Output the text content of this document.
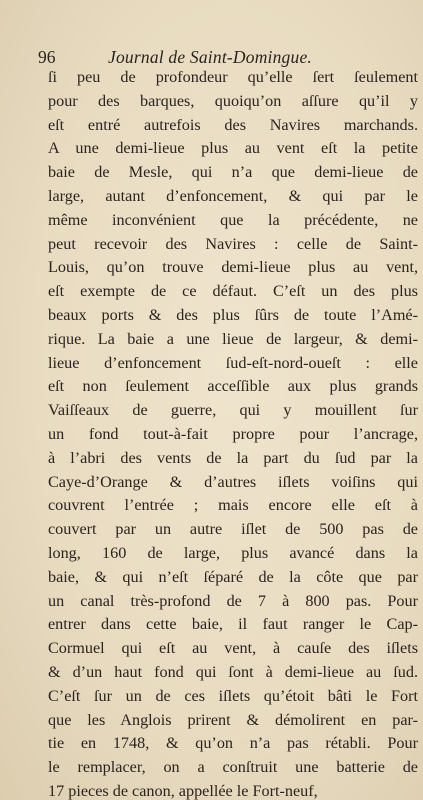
96	Journal de Saint-Domingue.
ſi peu de profondeur qu’elle ſert ſeulement
pour des barques, quoiqu’on aſſure qu’il y
eſt entré autrefois des Navires marchands.
A une demi-lieue plus au vent eſt la petite
baie de Mesle, qui n’a que demi-lieue de
large, autant d’enfoncement, & qui par le
même inconvénient que la précédente, ne
peut recevoir des Navires : celle de Saint-
Louis, qu’on trouve demi-lieue plus au vent,
eſt exempte de ce défaut. C’eſt un des plus
beaux ports & des plus ſûrs de toute l’Amé-
rique. La baie a une lieue de largeur, & demi-
lieue d’enfoncement ſud-eſt-nord-oueſt : elle
eſt non ſeulement acceſſible aux plus grands
Vaiſſeaux de guerre, qui y mouillent ſur
un fond tout-à-fait propre pour l’ancrage,
à l’abri des vents de la part du ſud par la
Caye-d’Orange & d’autres iſlets voiſins qui
couvrent l’entrée ; mais encore elle eſt à
couvert par un autre iſlet de 500 pas de
long, 160 de large, plus avancé dans la
baie, & qui n’eſt ſéparé de la côte que par
un canal très-profond de 7 à 800 pas. Pour
entrer dans cette baie, il faut ranger le Cap-
Cormuel qui eſt au vent, à cauſe des iſlets
& d’un haut fond qui ſont à demi-lieue au ſud.
C’eſt ſur un de ces iſlets qu’étoit bâti le Fort
que les Anglois prirent & démolirent en par-
tie en 1748, & qu’on n’a pas rétabli. Pour
le remplacer, on a conſtruit une batterie de
17 pieces de canon, appellée le Fort-neuf,
